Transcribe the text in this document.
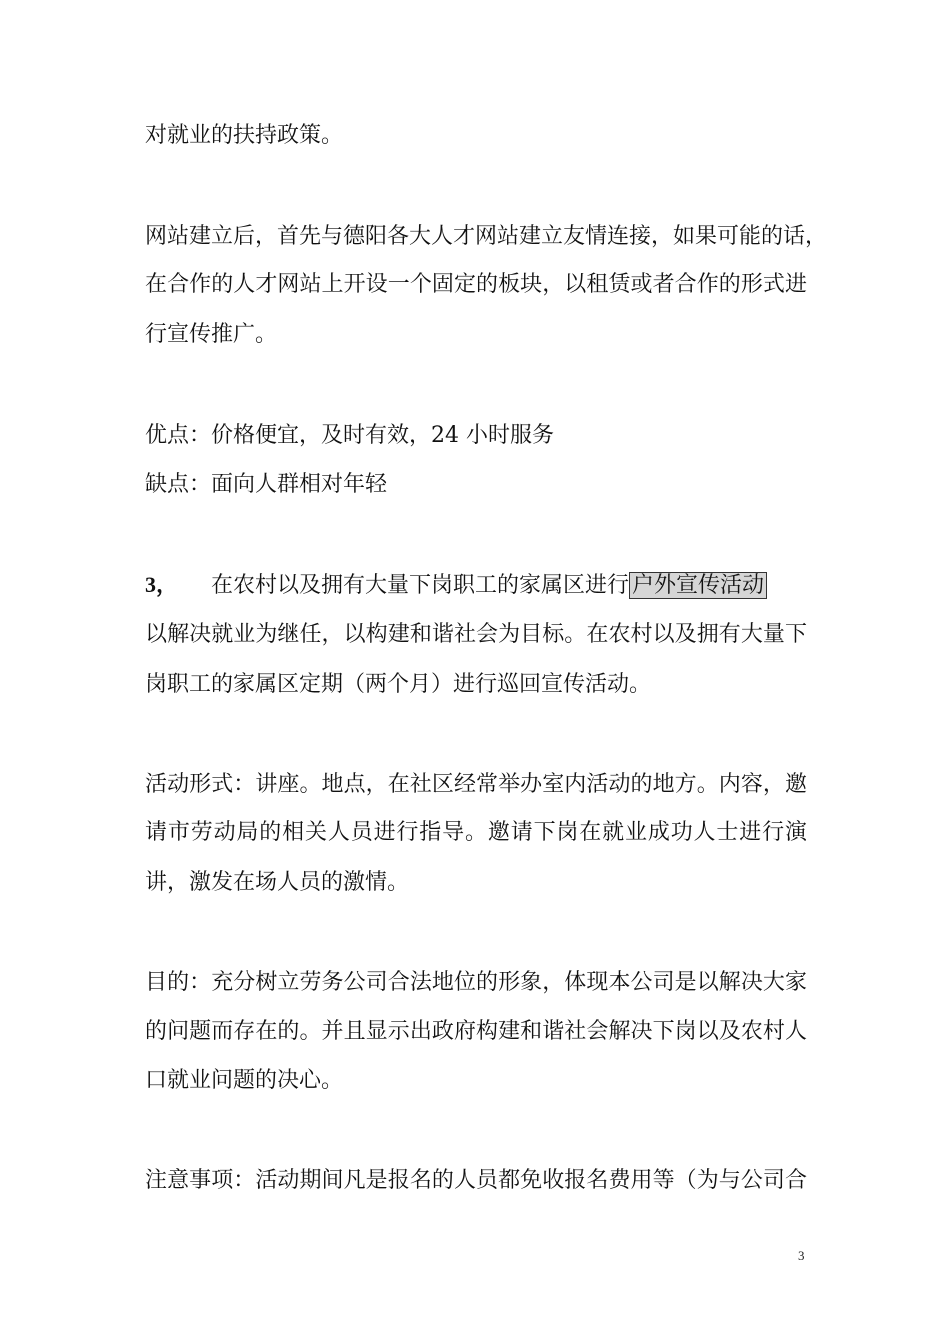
对就业的扶持政策。
网站建立后，首先与德阳各大人才网站建立友情连接，如果可能的话，
在合作的人才网站上开设一个固定的板块，以租赁或者合作的形式进
行宣传推广。
优点：价格便宜，及时有效，24 小时服务
缺点：面向人群相对年轻
3， 在农村以及拥有大量下岗职工的家属区进行 户外宣传活动
以解决就业为继任，以构建和谐社会为目标。在农村以及拥有大量下
岗职工的家属区定期（两个月）进行巡回宣传活动。
活动形式：讲座。地点，在社区经常举办室内活动的地方。内容，邀
请市劳动局的相关人员进行指导。邀请下岗在就业成功人士进行演
讲，激发在场人员的激情。
目的：充分树立劳务公司合法地位的形象，体现本公司是以解决大家
的问题而存在的。并且显示出政府构建和谐社会解决下岗以及农村人
口就业问题的决心。
注意事项：活动期间凡是报名的人员都免收报名费用等（为与公司合
3
